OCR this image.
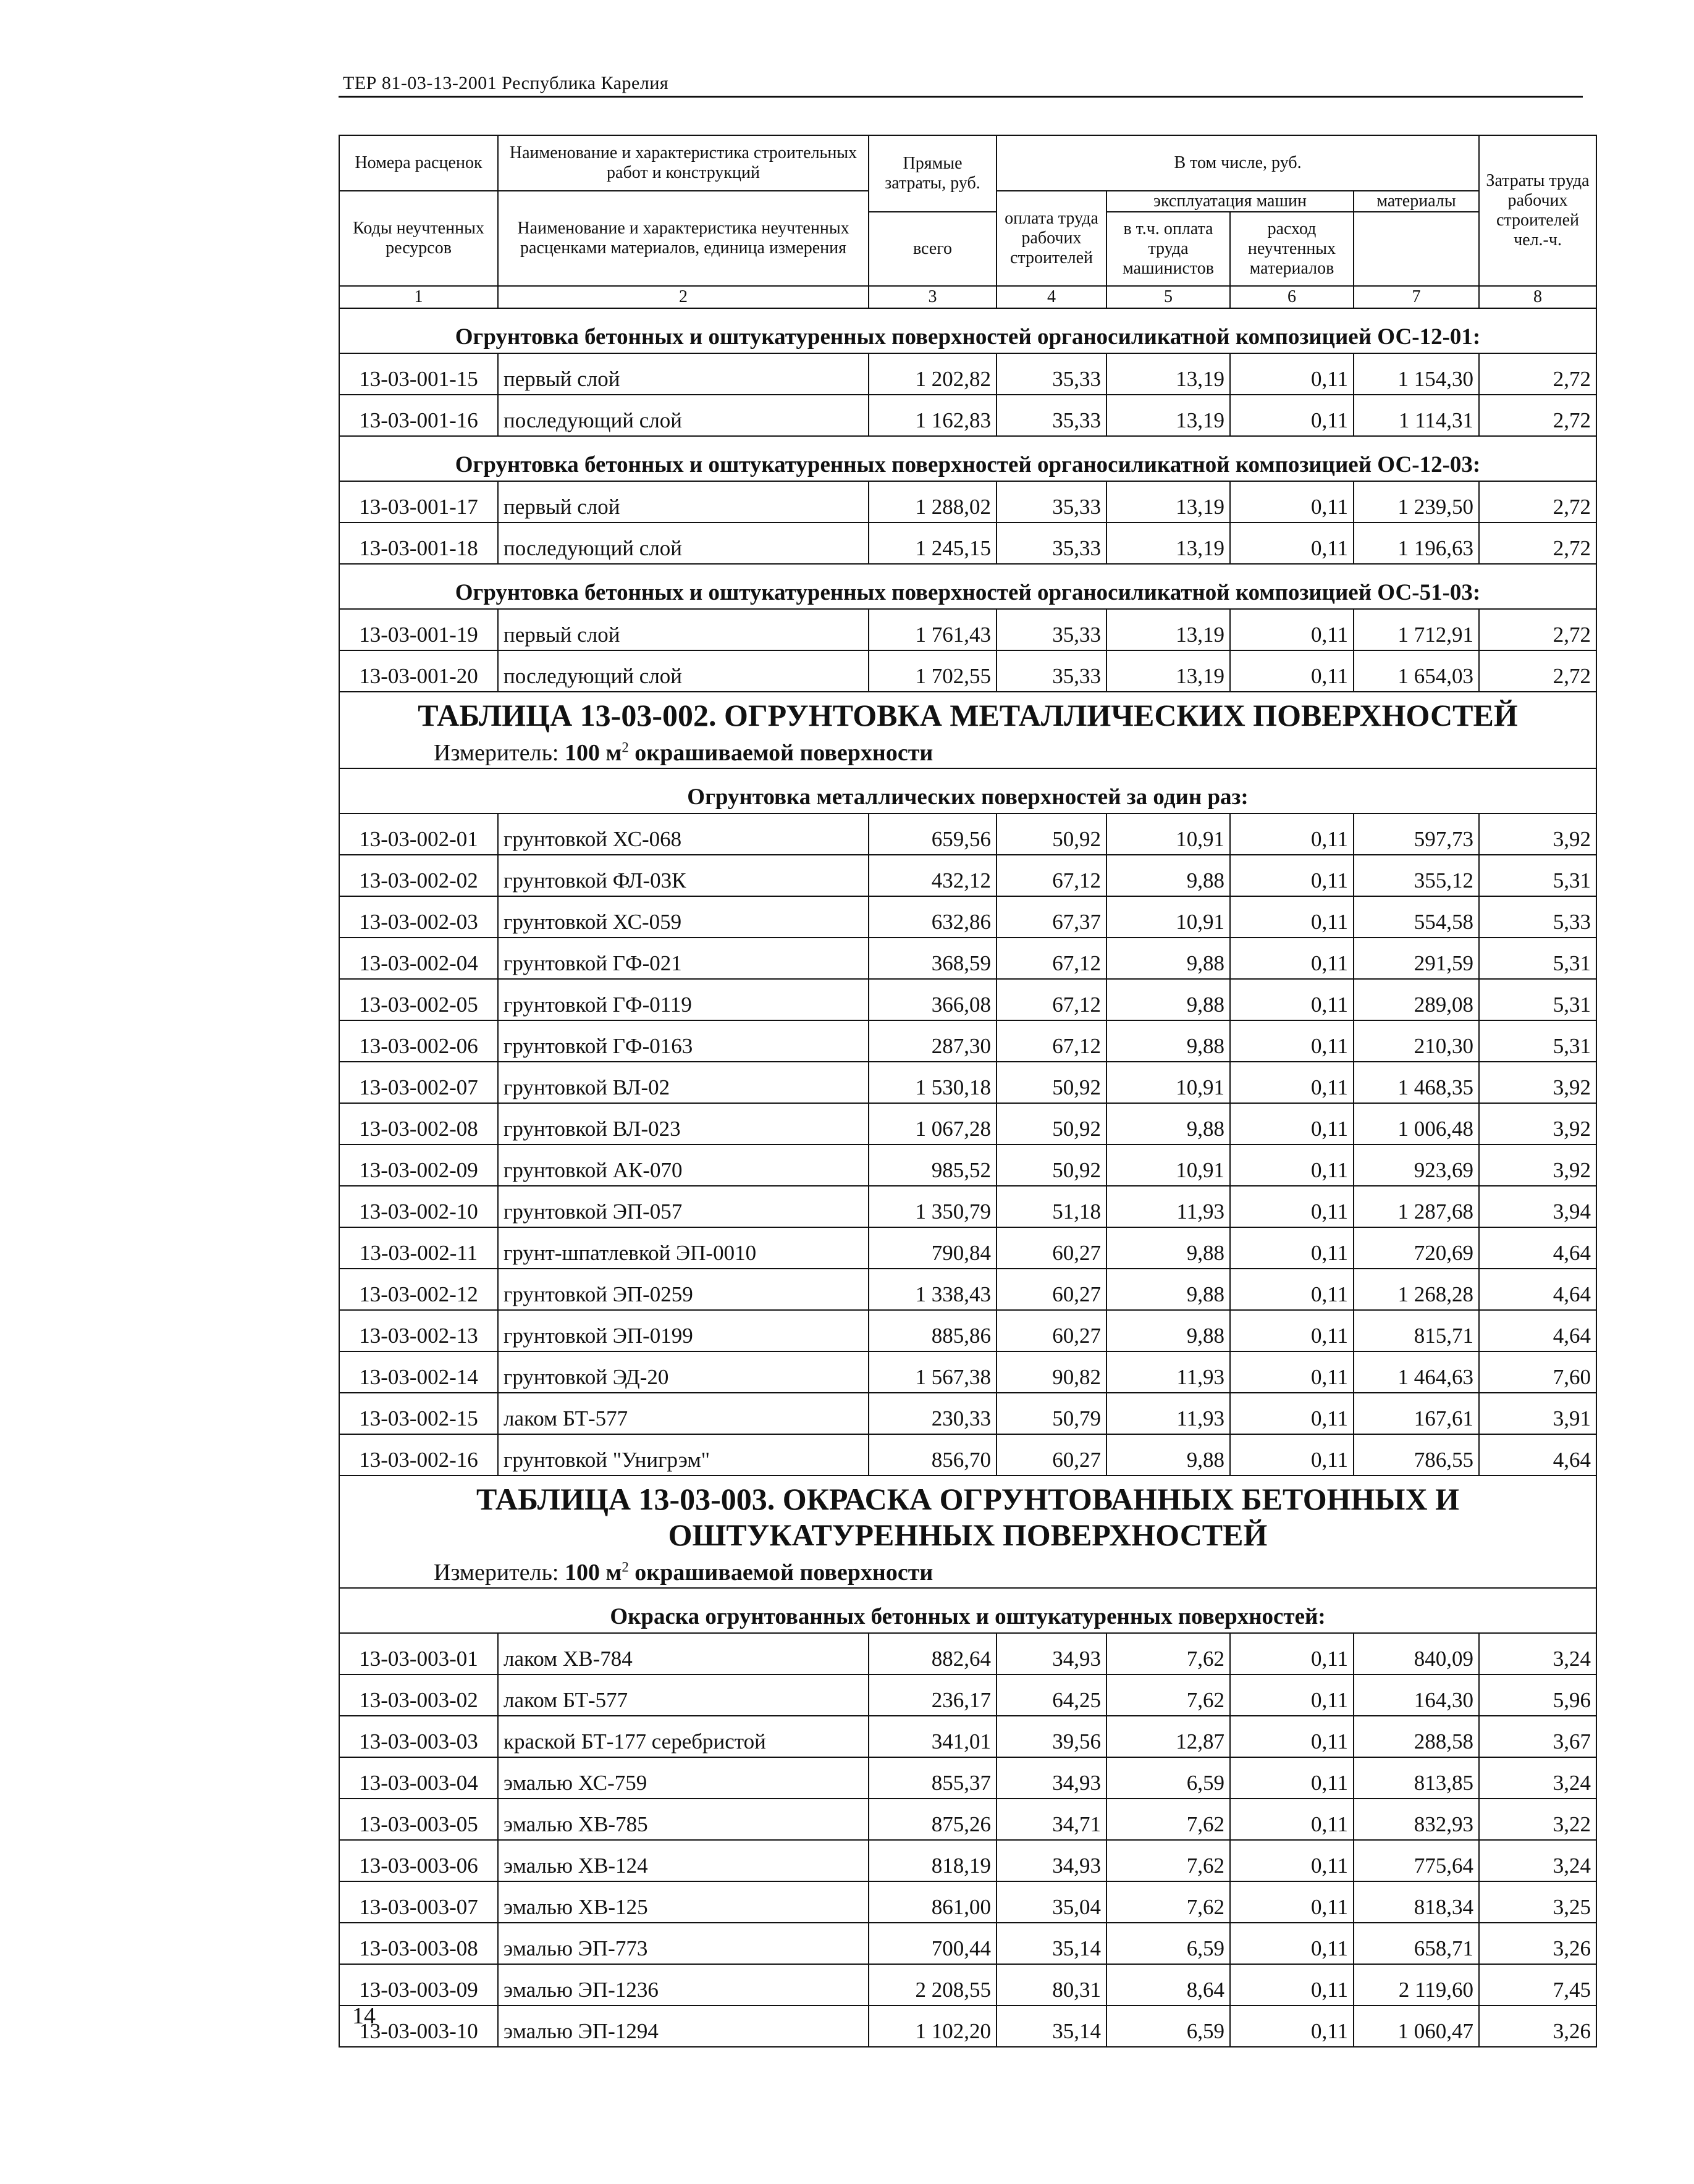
ТЕР 81-03-13-2001 Республика Карелия
Номера расценок	Наименование и характеристика строительных работ и конструкций	Прямые затраты, руб.	В том числе, руб.				Затраты труда рабочих строителей чел.-ч.
Коды неучтенных ресурсов	Наименование и характеристика неучтенных расценками материалов, единица измерения		оплата труда рабочих строителей	эксплуатация машин		материалы	
		всего		в т.ч. оплата труда машинистов	расход неучтенных материалов		
1	2	3	4	5	6	7	8
Огрунтовка бетонных и оштукатуренных поверхностей органосиликатной композицией ОС-12-01:							
13-03-001-15	первый слой	1 202,82	35,33	13,19	0,11	1 154,30	2,72
13-03-001-16	последующий слой	1 162,83	35,33	13,19	0,11	1 114,31	2,72
Огрунтовка бетонных и оштукатуренных поверхностей органосиликатной композицией ОС-12-03:							
13-03-001-17	первый слой	1 288,02	35,33	13,19	0,11	1 239,50	2,72
13-03-001-18	последующий слой	1 245,15	35,33	13,19	0,11	1 196,63	2,72
Огрунтовка бетонных и оштукатуренных поверхностей органосиликатной композицией ОС-51-03:							
13-03-001-19	первый слой	1 761,43	35,33	13,19	0,11	1 712,91	2,72
13-03-001-20	последующий слой	1 702,55	35,33	13,19	0,11	1 654,03	2,72
ТАБЛИЦА 13-03-002. ОГРУНТОВКА МЕТАЛЛИЧЕСКИХ ПОВЕРХНОСТЕЙ							
Измеритель: 100 $м^2$ окрашиваемой поверхности							
Огрунтовка металлических поверхностей за один раз:							
13-03-002-01	грунтовкой ХС-068	659,56	50,92	10,91	0,11	597,73	3,92
13-03-002-02	грунтовкой ФЛ-03К	432,12	67,12	9,88	0,11	355,12	5,31
13-03-002-03	грунтовкой ХС-059	632,86	67,37	10,91	0,11	554,58	5,33
13-03-002-04	грунтовкой ГФ-021	368,59	67,12	9,88	0,11	291,59	5,31
13-03-002-05	грунтовкой ГФ-0119	366,08	67,12	9,88	0,11	289,08	5,31
13-03-002-06	грунтовкой ГФ-0163	287,30	67,12	9,88	0,11	210,30	5,31
13-03-002-07	грунтовкой ВЛ-02	1 530,18	50,92	10,91	0,11	1 468,35	3,92
13-03-002-08	грунтовкой ВЛ-023	1 067,28	50,92	9,88	0,11	1 006,48	3,92
13-03-002-09	грунтовкой АК-070	985,52	50,92	10,91	0,11	923,69	3,92
13-03-002-10	грунтовкой ЭП-057	1 350,79	51,18	11,93	0,11	1 287,68	3,94
13-03-002-11	грунт-шпатлевкой ЭП-0010	790,84	60,27	9,88	0,11	720,69	4,64
13-03-002-12	грунтовкой ЭП-0259	1 338,43	60,27	9,88	0,11	1 268,28	4,64
13-03-002-13	грунтовкой ЭП-0199	885,86	60,27	9,88	0,11	815,71	4,64
13-03-002-14	грунтовкой ЭД-20	1 567,38	90,82	11,93	0,11	1 464,63	7,60
13-03-002-15	лаком БТ-577	230,33	50,79	11,93	0,11	167,61	3,91
13-03-002-16	грунтовкой "Унигрэм"	856,70	60,27	9,88	0,11	786,55	4,64
ТАБЛИЦА 13-03-003. ОКРАСКА ОГРУНТОВАННЫХ БЕТОННЫХ И
ОШТУКАТУРЕННЫХ ПОВЕРХНОСТЕЙ							
Измеритель: 100 $м^2$ окрашиваемой поверхности							
Окраска огрунтованных бетонных и оштукатуренных поверхностей:							
13-03-003-01	лаком ХВ-784	882,64	34,93	7,62	0,11	840,09	3,24
13-03-003-02	лаком БТ-577	236,17	64,25	7,62	0,11	164,30	5,96
13-03-003-03	краской БТ-177 серебристой	341,01	39,56	12,87	0,11	288,58	3,67
13-03-003-04	эмалью ХС-759	855,37	34,93	6,59	0,11	813,85	3,24
13-03-003-05	эмалью ХВ-785	875,26	34,71	7,62	0,11	832,93	3,22
13-03-003-06	эмалью ХВ-124	818,19	34,93	7,62	0,11	775,64	3,24
13-03-003-07	эмалью ХВ-125	861,00	35,04	7,62	0,11	818,34	3,25
13-03-003-08	эмалью ЭП-773	700,44	35,14	6,59	0,11	658,71	3,26
13-03-003-09	эмалью ЭП-1236	2 208,55	80,31	8,64	0,11	2 119,60	7,45
13-03-003-10	эмалью ЭП-1294	1 102,20	35,14	6,59	0,11	1 060,47	3,26
14
